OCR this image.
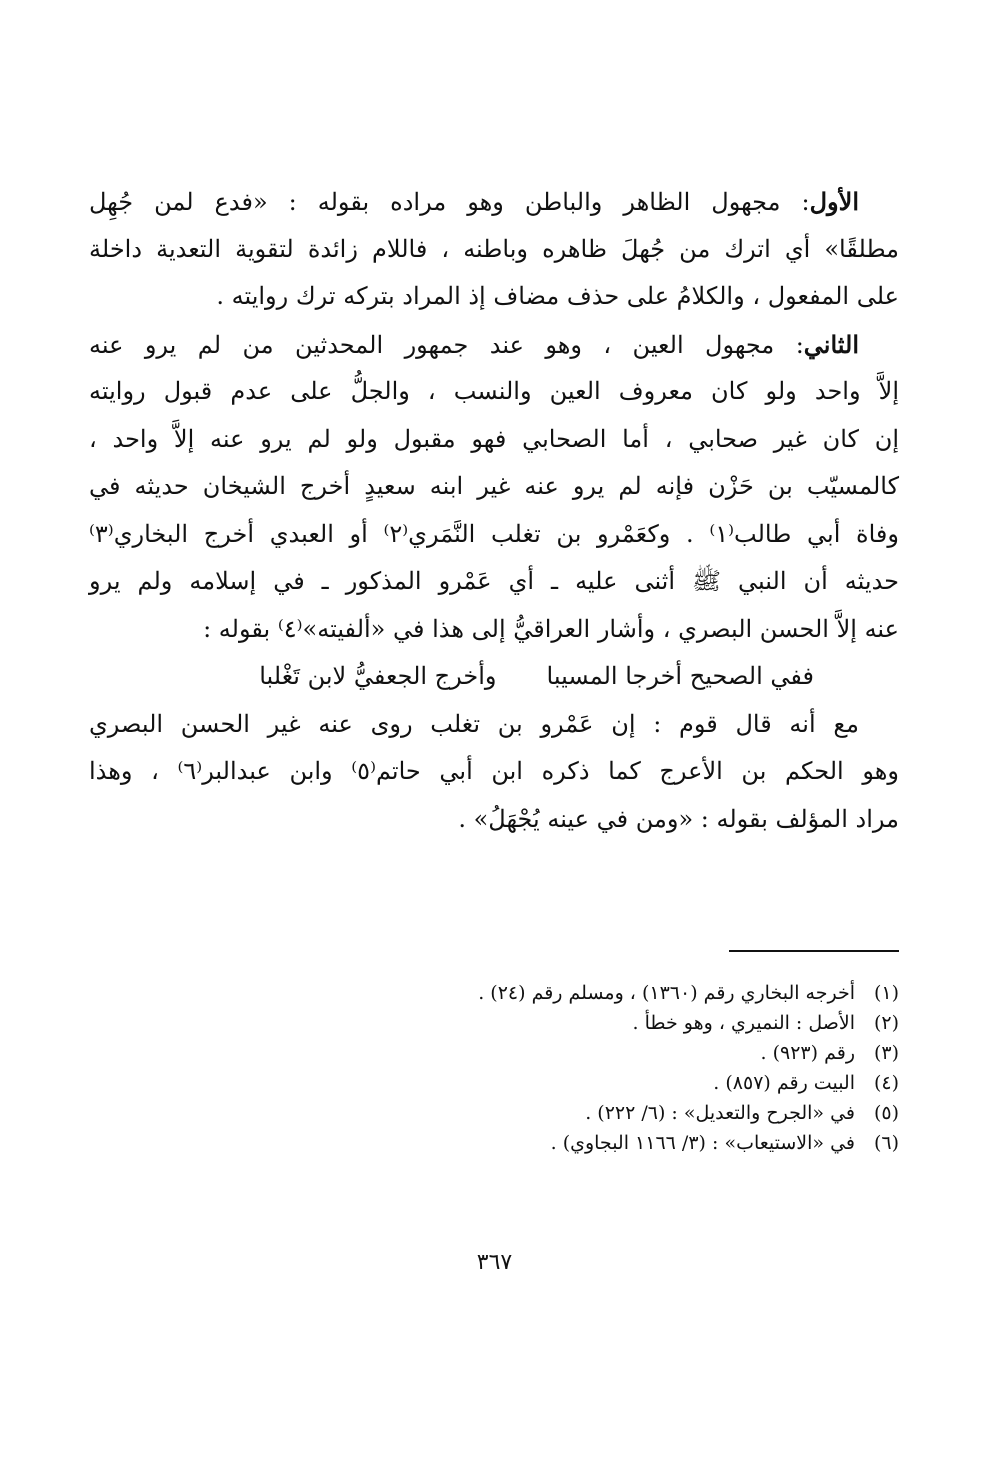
الأول: مجهول الظاهر والباطن وهو مراده بقوله : «فدع لمن جُهِل
مطلقًا» أي اترك من جُهلَ ظاهره وباطنه ، فاللام زائدة لتقوية التعدية داخلة
على المفعول ، والكلامُ على حذف مضاف إذ المراد بتركه ترك روايته .
الثاني: مجهول العين ، وهو عند جمهور المحدثين من لم يرو عنه
إلاَّ واحد ولو كان معروف العين والنسب ، والجلُّ على عدم قبول روايته
إن كان غير صحابي ، أما الصحابي فهو مقبول ولو لم يرو عنه إلاَّ واحد ،
كالمسيّب بن حَزْن فإنه لم يرو عنه غير ابنه سعيدٍ أخرج الشيخان حديثه في
وفاة أبي طالب⁽١⁾ . وكعَمْرو بن تغلب النَّمَري⁽٢⁾ أو العبدي أخرج البخاري⁽٣⁾
حديثه أن النبي ﷺ أثنى عليه ـ أي عَمْرو المذكور ـ في إسلامه ولم يرو
عنه إلاَّ الحسن البصري ، وأشار العراقيُّ إلى هذا في «ألفيته»⁽٤⁾ بقوله :
ففي الصحيح أخرجا المسيبا
وأخرج الجعفيُّ لابن تَغْلبا
مع أنه قال قوم : إن عَمْرو بن تغلب روى عنه غير الحسن البصري
وهو الحكم بن الأعرج كما ذكره ابن أبي حاتم⁽٥⁾ وابن عبدالبر⁽٦⁾ ، وهذا
مراد المؤلف بقوله : «ومن في عينه يُجْهَلُ» .
(١)
أخرجه البخاري رقم (١٣٦٠) ، ومسلم رقم (٢٤) .
(٢)
الأصل : النميري ، وهو خطأ .
(٣)
رقم (٩٢٣) .
(٤)
البيت رقم (٨٥٧) .
(٥)
في «الجرح والتعديل» : (٦/ ٢٢٢) .
(٦)
في «الاستيعاب» : (٣/ ١١٦٦ البجاوي) .
٣٦٧
